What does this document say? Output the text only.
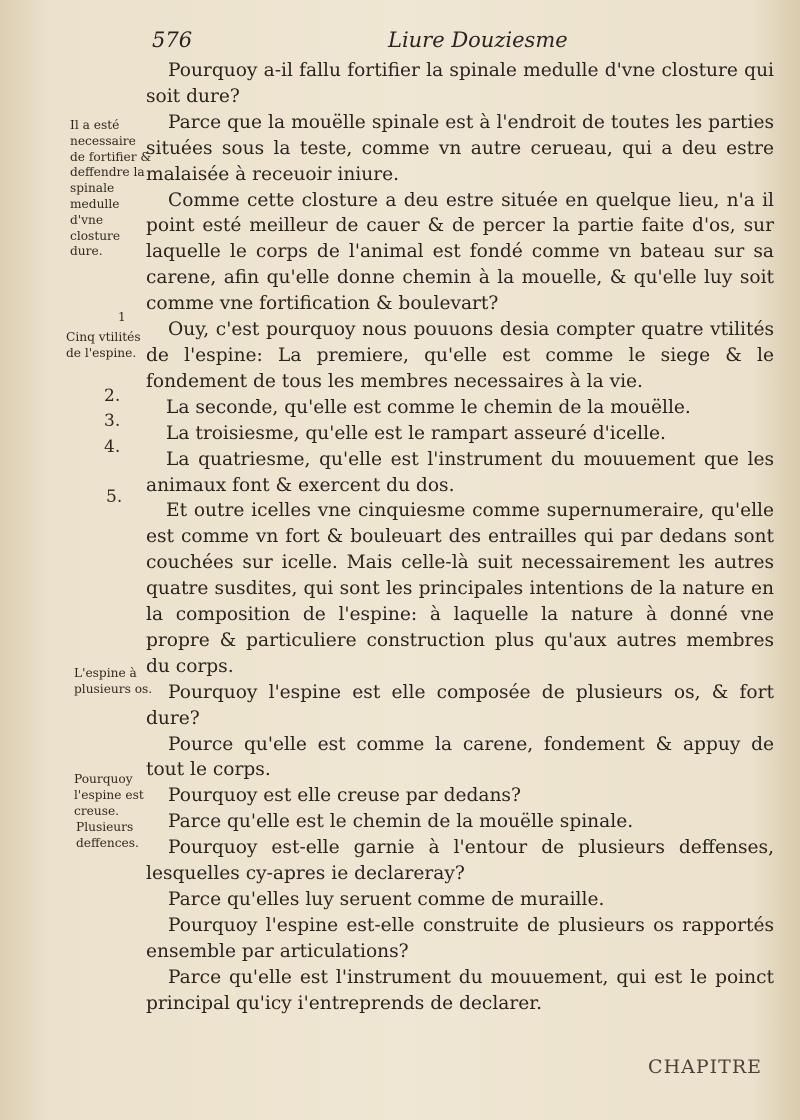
576	Liure Douziesme
Il a esté necessaire de fortifier & deffendre la spinale medulle d'vne closture dure.
Cinq vtilités de l'espine.
L'espine à plusieurs os.
Pourquoy l'espine est creuse.
Plusieurs deffences.
1
2.
3.
4.
5.

Pourquoy a-il fallu fortifier la spinale medulle d'vne closture qui soit dure?

Parce que la mouëlle spinale est à l'endroit de toutes les parties situées sous la teste, comme vn autre cerueau, qui a deu estre malaisée à receuoir iniure.

Comme cette closture a deu estre située en quelque lieu, n'a il point esté meilleur de cauer & de percer la partie faite d'os, sur laquelle le corps de l'animal est fondé comme vn bateau sur sa carene, afin qu'elle donne chemin à la mouelle, & qu'elle luy soit comme vne fortification & boulevart?

Ouy, c'est pourquoy nous pouuons desia compter quatre vtilités de l'espine: La premiere, qu'elle est comme le siege & le fondement de tous les membres necessaires à la vie.

La seconde, qu'elle est comme le chemin de la mouëlle.

La troisiesme, qu'elle est le rampart asseuré d'icelle.

La quatriesme, qu'elle est l'instrument du mouuement que les animaux font & exercent du dos.

Et outre icelles vne cinquiesme comme supernumeraire, qu'elle est comme vn fort & bouleuart des entrailles qui par dedans sont couchées sur icelle. Mais celle-là suit necessairement les autres quatre susdites, qui sont les principales intentions de la nature en la composition de l'espine: à laquelle la nature à donné vne propre & particuliere construction plus qu'aux autres membres du corps.

Pourquoy l'espine est elle composée de plusieurs os, & fort dure?

Pource qu'elle est comme la carene, fondement & appuy de tout le corps.

Pourquoy est elle creuse par dedans?

Parce qu'elle est le chemin de la mouëlle spinale.

Pourquoy est-elle garnie à l'entour de plusieurs deffenses, lesquelles cy-apres ie declareray?

Parce qu'elles luy seruent comme de muraille.

Pourquoy l'espine est-elle construite de plusieurs os rapportés ensemble par articulations?

Parce qu'elle est l'instrument du mouuement, qui est le poinct principal qu'icy i'entreprends de declarer.

CHAPITRE
